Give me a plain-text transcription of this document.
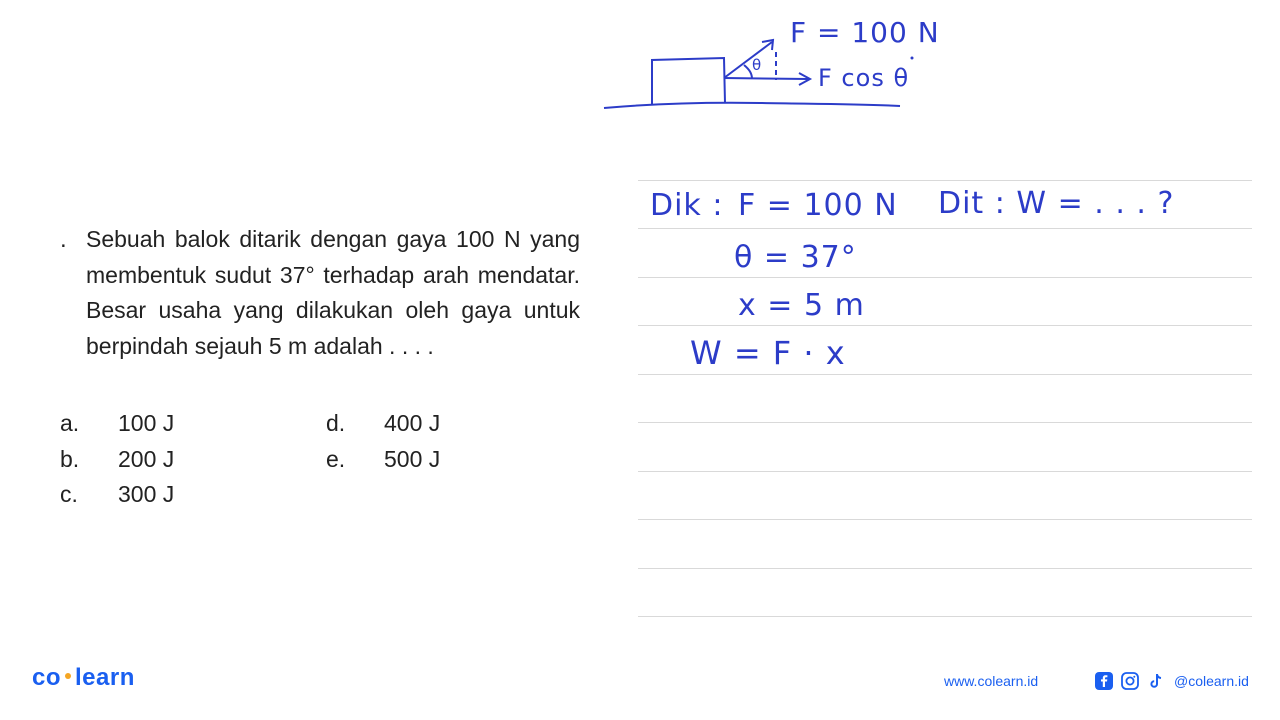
F = 100 N
F cos θ
θ
. Sebuah balok ditarik dengan gaya 100 N yang membentuk sudut 37° terhadap arah mendatar. Besar usaha yang dilakukan oleh gaya untuk berpindah sejauh 5 m adalah . . . .
a. 100 J
b. 200 J
c. 300 J
d. 400 J
e. 500 J
Dik : F = 100 N Dit : W = . . . ?
θ = 37°
x = 5 m
W = F · x
co learn	www.colearn.id	@colearn.id
